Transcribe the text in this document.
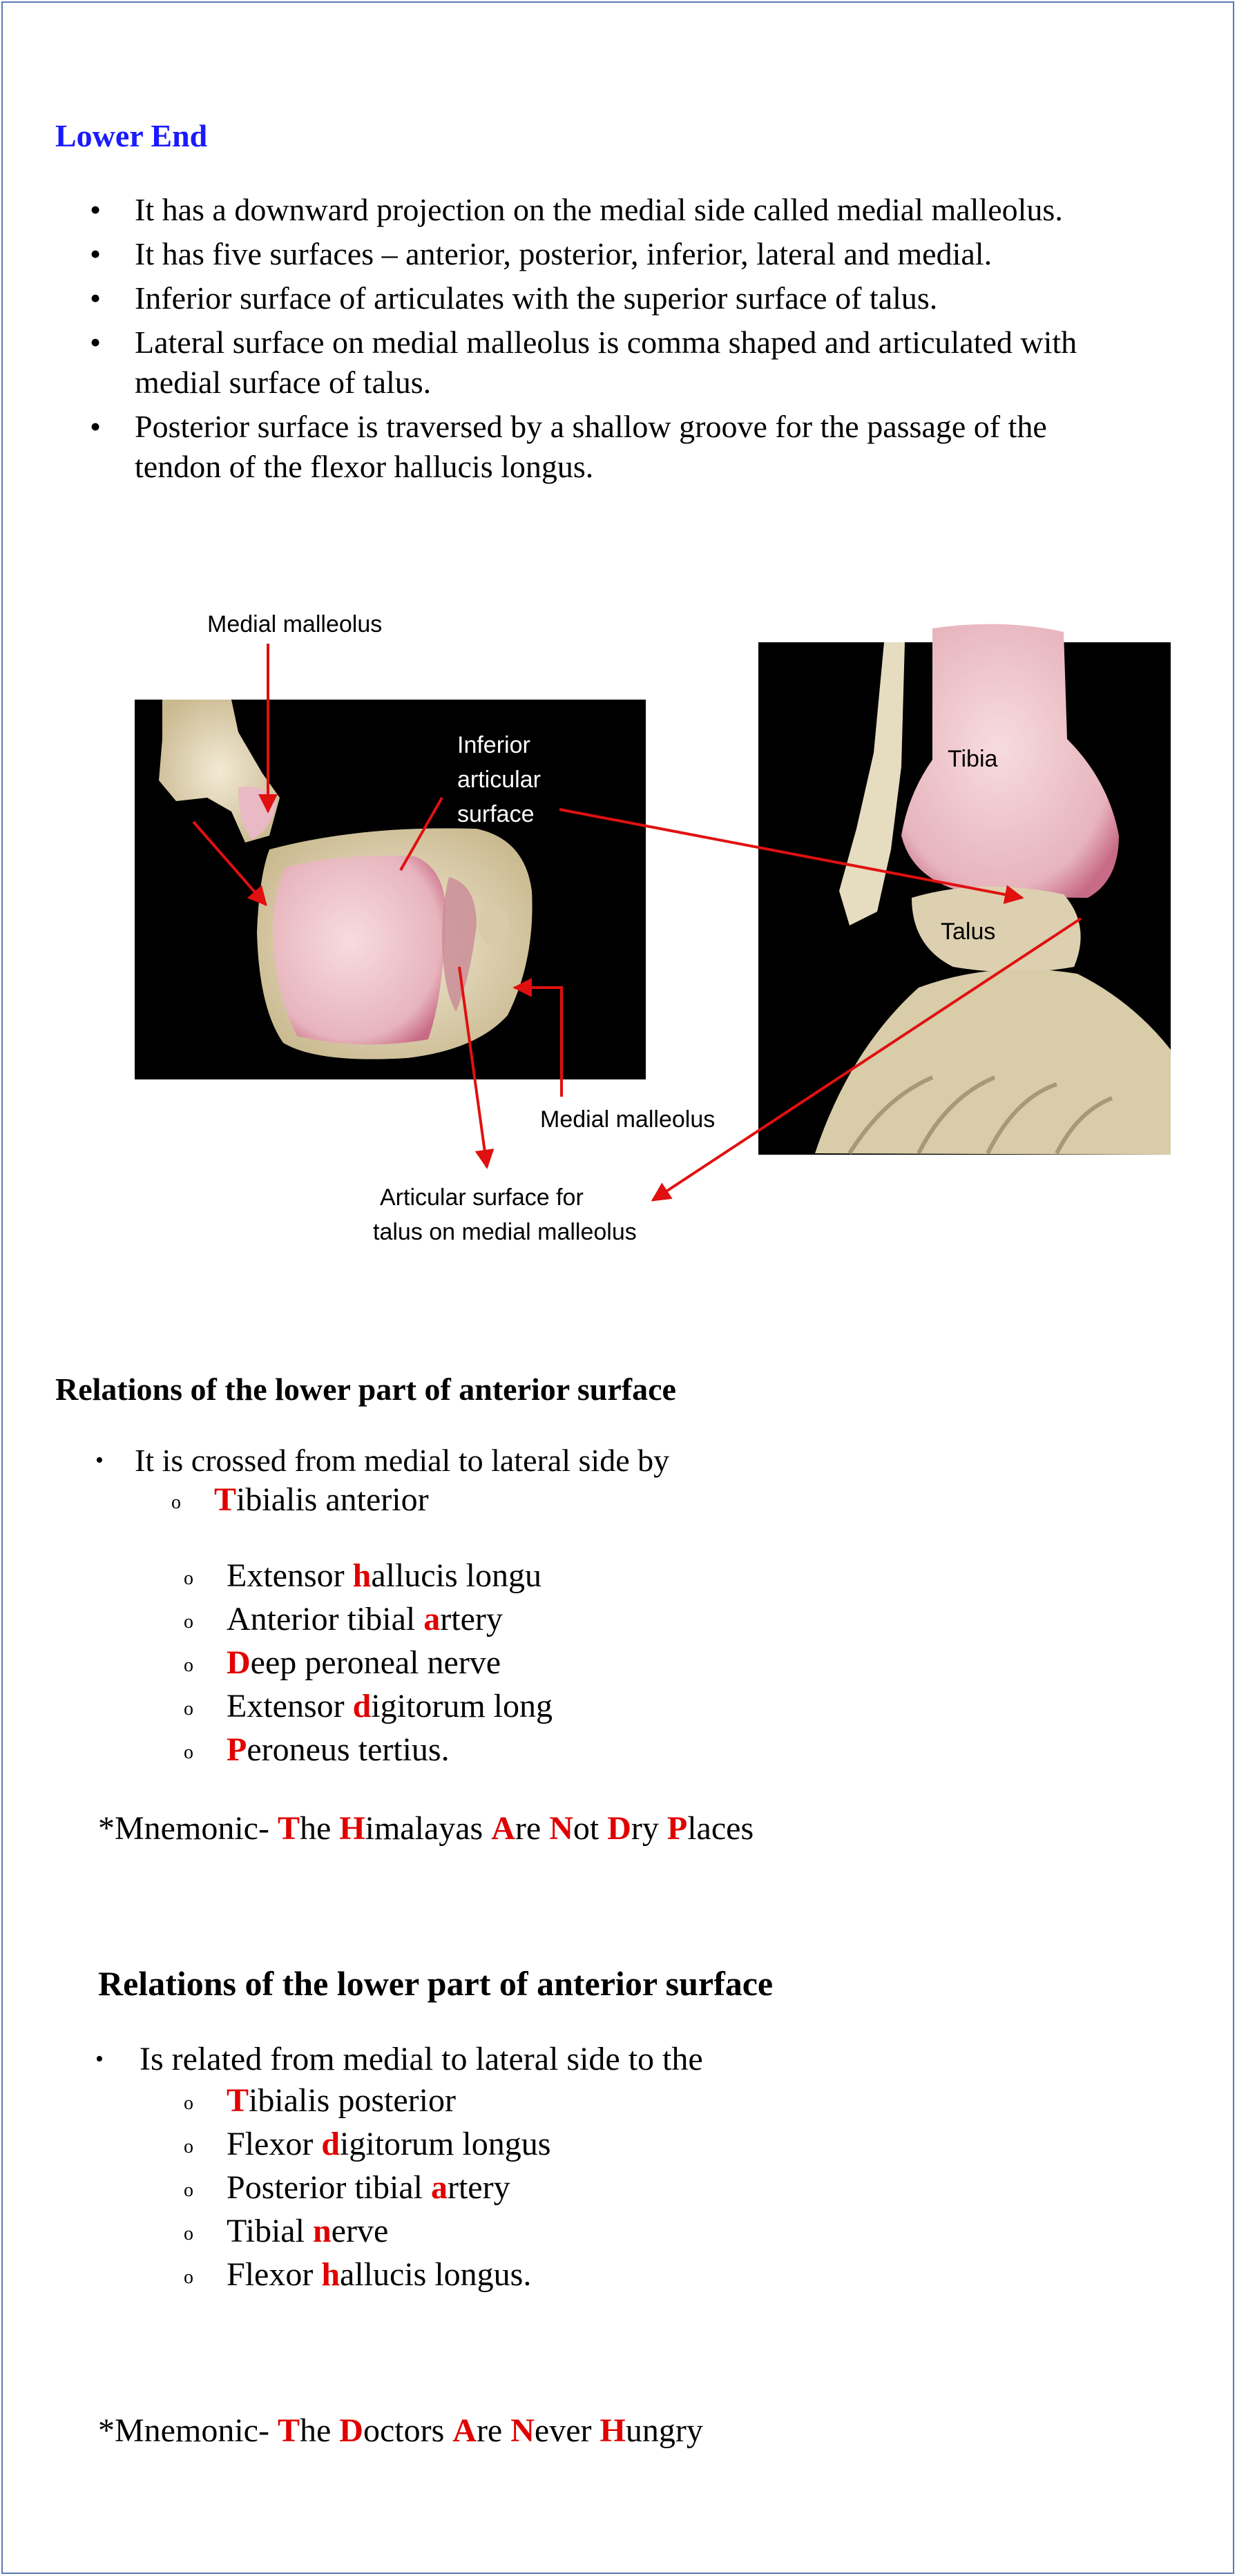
Lower End
• It has a downward projection on the medial side called medial malleolus.
• It has five surfaces – anterior, posterior, inferior, lateral and medial.
• Inferior surface of articulates with the superior surface of talus.
• Lateral surface on medial malleolus is comma shaped and articulated with medial surface of talus.
• Posterior surface is traversed by a shallow groove for the passage of the tendon of the flexor hallucis longus.
Medial malleolus
Inferior
articular
surface
Tibia
Talus
Medial malleolus
Articular surface for
talus on medial malleolus
Relations of the lower part of anterior surface
• It is crossed from medial to lateral side by
o Tibialis anterior
o Extensor hallucis longu
o Anterior tibial artery
o Deep peroneal nerve
o Extensor digitorum long
o Peroneus tertius.
*Mnemonic- The Himalayas Are Not Dry Places
Relations of the lower part of anterior surface
• Is related from medial to lateral side to the
o Tibialis posterior
o Flexor digitorum longus
o Posterior tibial artery
o Tibial nerve
o Flexor hallucis longus.
*Mnemonic- The Doctors Are Never Hungry
